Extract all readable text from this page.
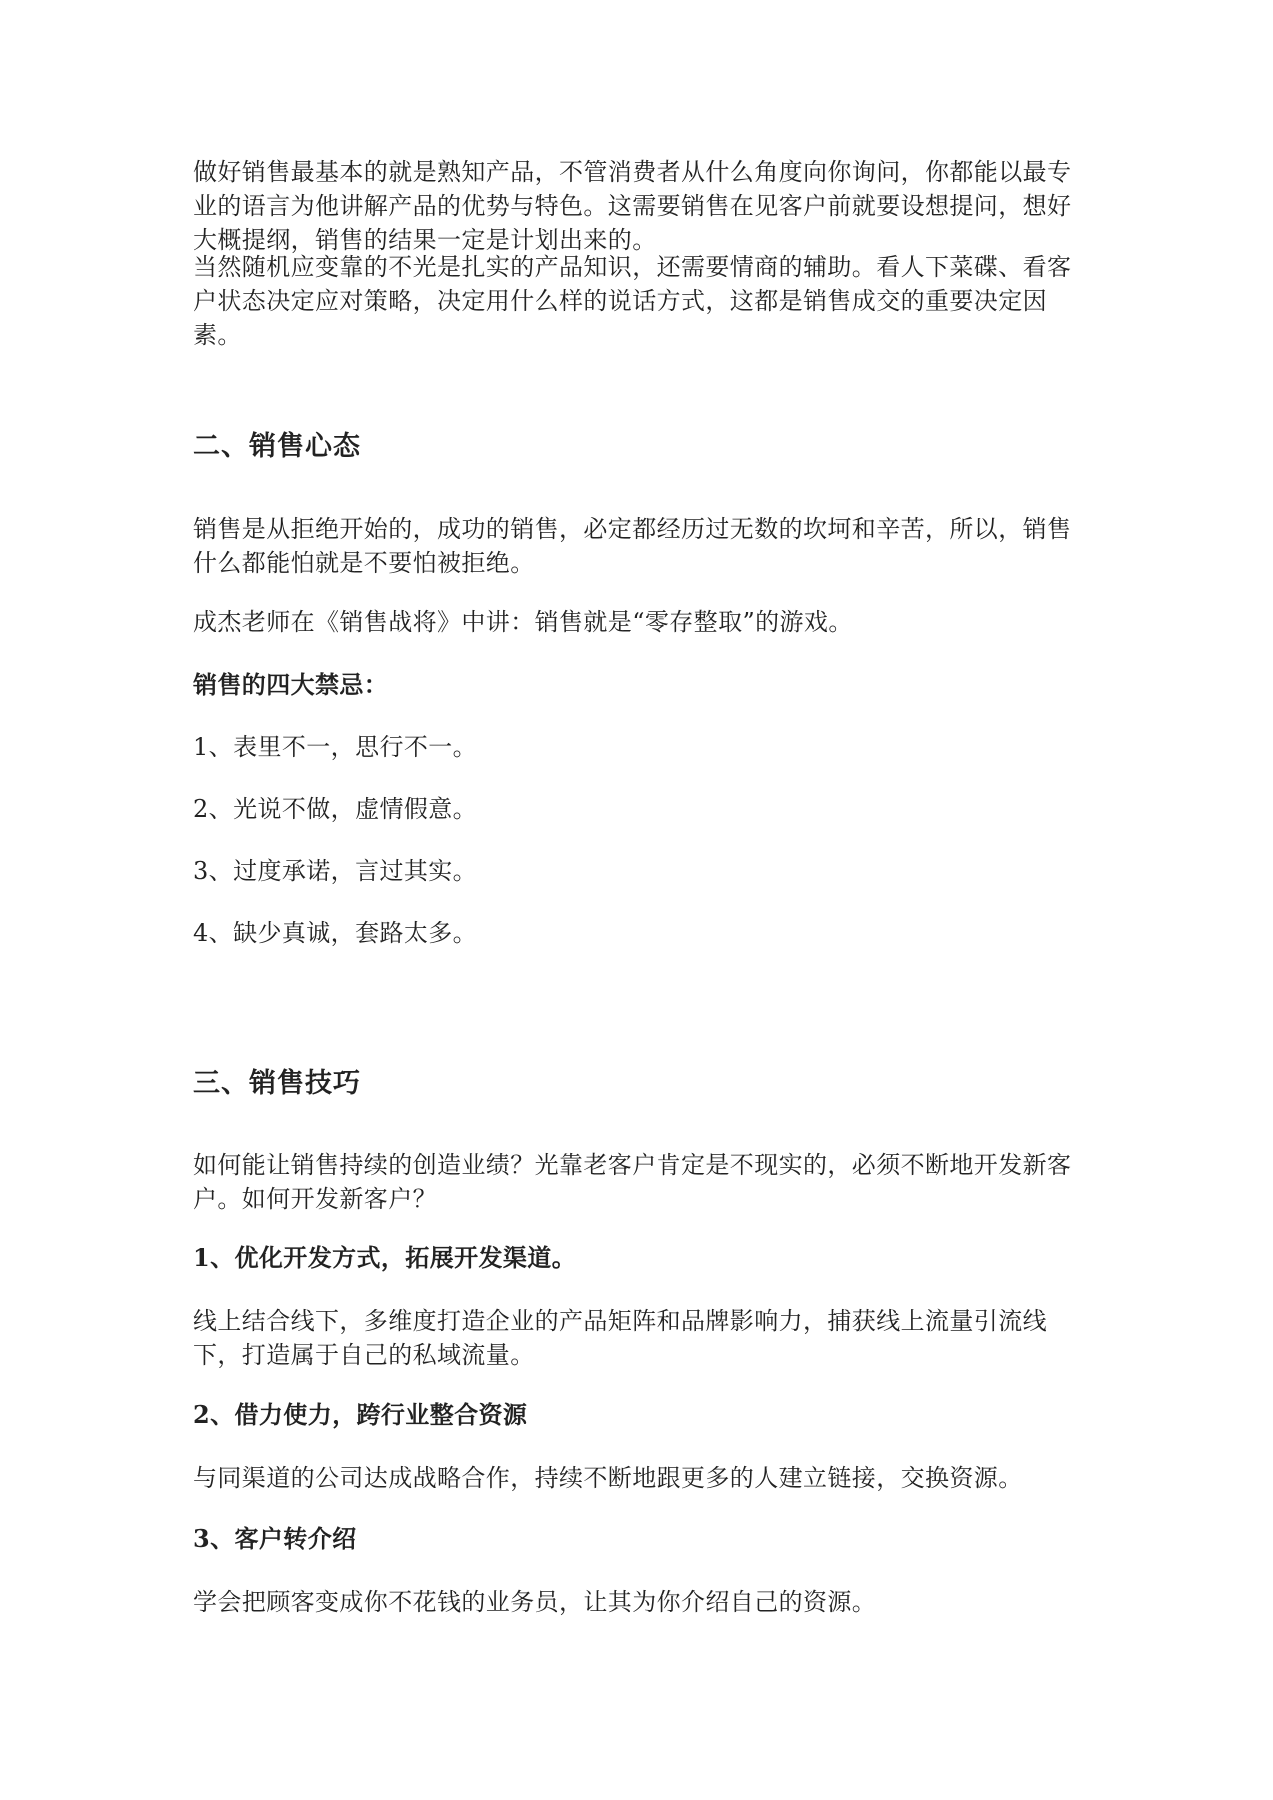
做好销售最基本的就是熟知产品，不管消费者从什么角度向你询问，你都能以最专业的语言为他讲解产品的优势与特色。这需要销售在见客户前就要设想提问，想好大概提纲，销售的结果一定是计划出来的。

当然随机应变靠的不光是扎实的产品知识，还需要情商的辅助。看人下菜碟、看客户状态决定应对策略，决定用什么样的说话方式，这都是销售成交的重要决定因素。

二、销售心态

销售是从拒绝开始的，成功的销售，必定都经历过无数的坎坷和辛苦，所以，销售什么都能怕就是不要怕被拒绝。

成杰老师在《销售战将》中讲：销售就是“零存整取”的游戏。

销售的四大禁忌：

1、表里不一，思行不一。

2、光说不做，虚情假意。

3、过度承诺，言过其实。

4、缺少真诚，套路太多。

三、销售技巧

如何能让销售持续的创造业绩？光靠老客户肯定是不现实的，必须不断地开发新客户。如何开发新客户？

1、优化开发方式，拓展开发渠道。

线上结合线下，多维度打造企业的产品矩阵和品牌影响力，捕获线上流量引流线下，打造属于自己的私域流量。

2、借力使力，跨行业整合资源

与同渠道的公司达成战略合作，持续不断地跟更多的人建立链接，交换资源。

3、客户转介绍

学会把顾客变成你不花钱的业务员，让其为你介绍自己的资源。
